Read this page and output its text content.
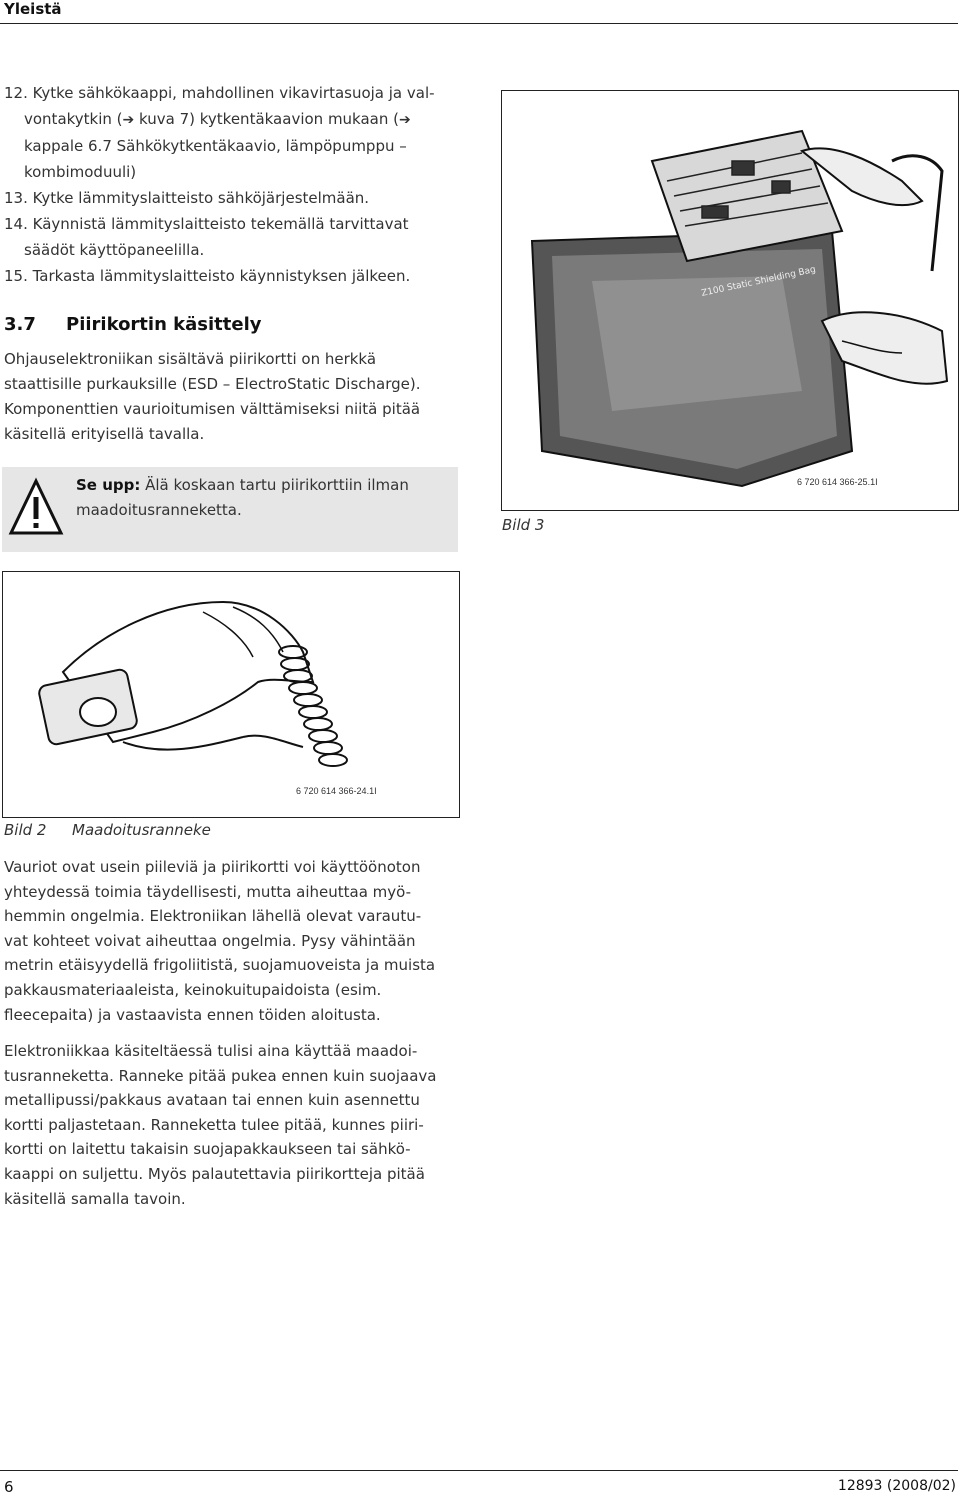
Yleistä
12. Kytke sähkökaappi, mahdollinen vikavirtasuoja ja val-
vontakytkin (➔ kuva 7) kytkentäkaavion mukaan (➔
kappale 6.7 Sähkökytkentäkaavio, lämpöpumppu –
kombimoduuli)
13. Kytke lämmityslaitteisto sähköjärjestelmään.
14. Käynnistä lämmityslaitteisto tekemällä tarvittavat
säädöt käyttöpaneelilla.
15. Tarkasta lämmityslaitteisto käynnistyksen jälkeen.
3.7 Piirikortin käsittely
Ohjauselektroniikan sisältävä piirikortti on herkkä
staattisille purkauksille (ESD – ElectroStatic Discharge).
Komponenttien vaurioitumisen välttämiseksi niitä pitää
käsitellä erityisellä tavalla.
Se upp: Älä koskaan tartu piirikorttiin ilman
maadoitusranneketta.
Z100 Static Shielding Bag
6 720 614 366-25.1I
Bild 3
6 720 614 366-24.1I
Bild 2 Maadoitusranneke
Vauriot ovat usein piileviä ja piirikortti voi käyttöönoton
yhteydessä toimia täydellisesti, mutta aiheuttaa myö-
hemmin ongelmia. Elektroniikan lähellä olevat varautu-
vat kohteet voivat aiheuttaa ongelmia. Pysy vähintään
metrin etäisyydellä frigoliitistä, suojamuoveista ja muista
pakkausmateriaaleista, keinokuitupaidoista (esim.
fleecepaita) ja vastaavista ennen töiden aloitusta.
Elektroniikkaa käsiteltäessä tulisi aina käyttää maadoi-
tusranneketta. Ranneke pitää pukea ennen kuin suojaava
metallipussi/pakkaus avataan tai ennen kuin asennettu
kortti paljastetaan. Ranneketta tulee pitää, kunnes piiri-
kortti on laitettu takaisin suojapakkaukseen tai sähkö-
kaappi on suljettu. Myös palautettavia piirikortteja pitää
käsitellä samalla tavoin.
6	12893 (2008/02)
